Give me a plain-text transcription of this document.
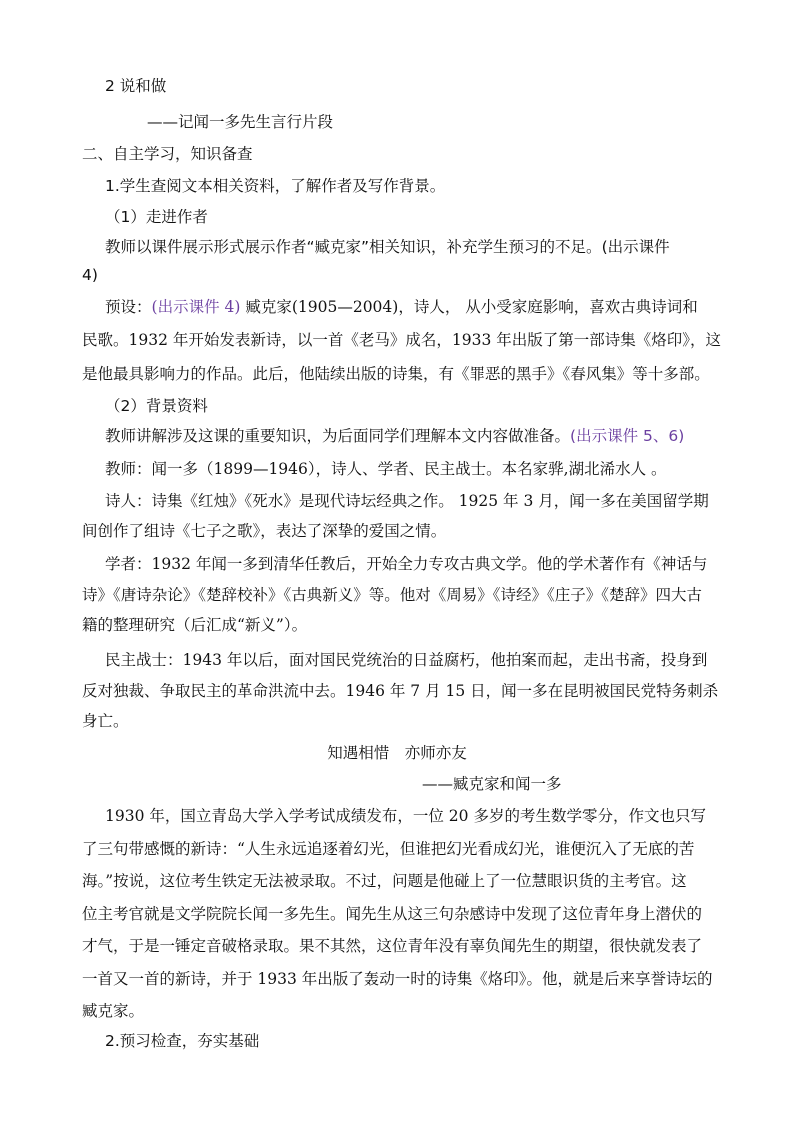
2 说和做
——记闻一多先生言行片段
二、自主学习，知识备查
1.学生查阅文本相关资料，了解作者及写作背景。
（1）走进作者
教师以课件展示形式展示作者“臧克家”相关知识，补充学生预习的不足。(出示课件
4)
预设：(出示课件 4) 臧克家(1905—2004)，诗人， 从小受家庭影响，喜欢古典诗词和
民歌。1932 年开始发表新诗，以一首《老马》成名，1933 年出版了第一部诗集《烙印》，这
是他最具影响力的作品。此后，他陆续出版的诗集，有《罪恶的黑手》《春风集》等十多部。
（2）背景资料
教师讲解涉及这课的重要知识，为后面同学们理解本文内容做准备。(出示课件 5、6)
教师：闻一多（1899—1946），诗人、学者、民主战士。本名家骅,湖北浠水人 。
诗人：诗集《红烛》《死水》是现代诗坛经典之作。 1925 年 3 月，闻一多在美国留学期
间创作了组诗《七子之歌》，表达了深挚的爱国之情。
学者：1932 年闻一多到清华任教后，开始全力专攻古典文学。他的学术著作有《神话与
诗》《唐诗杂论》《楚辞校补》《古典新义》等。他对《周易》《诗经》《庄子》《楚辞》四大古
籍的整理研究（后汇成“新义”）。
民主战士：1943 年以后，面对国民党统治的日益腐朽，他拍案而起，走出书斋，投身到
反对独裁、争取民主的革命洪流中去。1946 年 7 月 15 日，闻一多在昆明被国民党特务刺杀
身亡。
知遇相惜　亦师亦友
——臧克家和闻一多
1930 年，国立青岛大学入学考试成绩发布，一位 20 多岁的考生数学零分，作文也只写
了三句带感慨的新诗：“人生永远追逐着幻光，但谁把幻光看成幻光，谁便沉入了无底的苦
海。”按说，这位考生铁定无法被录取。不过，问题是他碰上了一位慧眼识货的主考官。这
位主考官就是文学院院长闻一多先生。闻先生从这三句杂感诗中发现了这位青年身上潜伏的
才气，于是一锤定音破格录取。果不其然，这位青年没有辜负闻先生的期望，很快就发表了
一首又一首的新诗，并于 1933 年出版了轰动一时的诗集《烙印》。他，就是后来享誉诗坛的
臧克家。
2.预习检查，夯实基础
